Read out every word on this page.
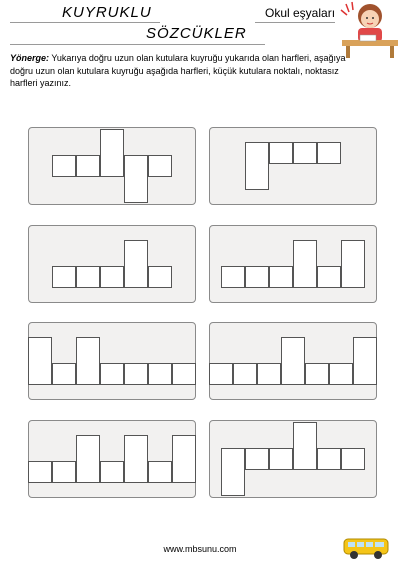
KUYRUKLU
SÖZCÜKLER
Okul eşyaları
Yönerge: Yukarıya doğru uzun olan kutulara kuyruğu yukarıda olan harfleri, aşağıya doğru uzun olan kutulara kuyruğu aşağıda harfleri, küçük kutulara noktalı, noktasız harfleri yazınız.
www.mbsunu.com
